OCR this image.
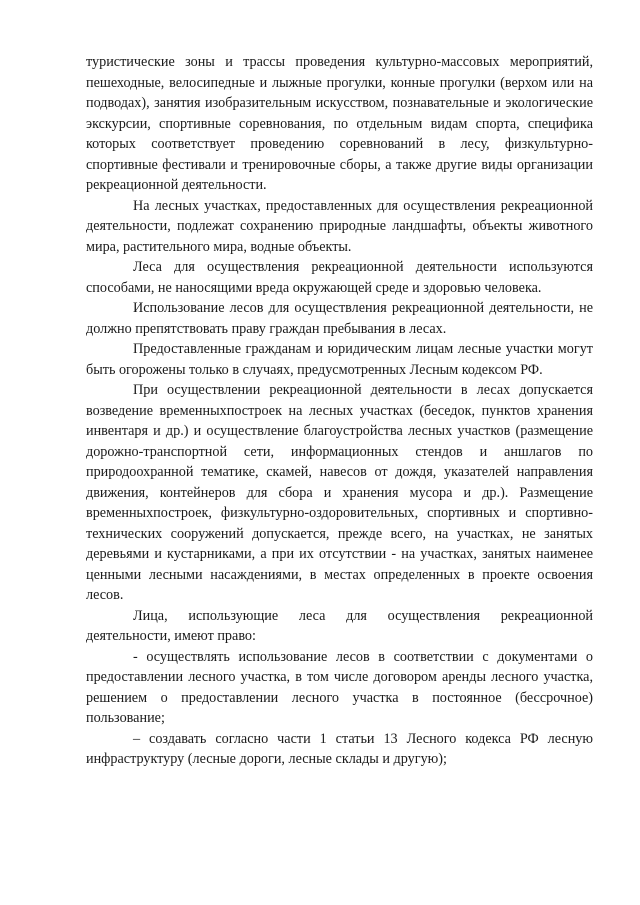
туристические зоны и трассы проведения культурно-массовых мероприятий, пешеходные, велосипедные и лыжные прогулки, конные прогулки (верхом или на подводах), занятия изобразительным искусством, познавательные и экологические экскурсии, спортивные соревнования, по отдельным видам спорта, специфика которых соответствует проведению соревнований в лесу, физкультурно-спортивные фестивали и тренировочные сборы, а также другие виды организации рекреационной деятельности.

На лесных участках, предоставленных для осуществления рекреационной деятельности, подлежат сохранению природные ландшафты, объекты животного мира, растительного мира, водные объекты.

Леса для осуществления рекреационной деятельности используются способами, не наносящими вреда окружающей среде и здоровью человека.

Использование лесов для осуществления рекреационной деятельности, не должно препятствовать праву граждан пребывания в лесах.

Предоставленные гражданам и юридическим лицам лесные участки могут быть огорожены только в случаях, предусмотренных Лесным кодексом РФ.

При осуществлении рекреационной деятельности в лесах допускается возведение временныхпостроек на лесных участках (беседок, пунктов хранения инвентаря и др.) и осуществление благоустройства лесных участков (размещение дорожно-транспортной сети, информационных стендов и аншлагов по природоохранной тематике, скамей, навесов от дождя, указателей направления движения, контейнеров для сбора и хранения мусора и др.). Размещение временныхпостроек, физкультурно-оздоровительных, спортивных и спортивно-технических сооружений допускается, прежде всего, на участках, не занятых деревьями и кустарниками, а при их отсутствии - на участках, занятых наименее ценными лесными насаждениями, в местах определенных в проекте освоения лесов.

Лица, использующие леса для осуществления рекреационной деятельности, имеют право:

- осуществлять использование лесов в соответствии с документами о предоставлении лесного участка, в том числе договором аренды лесного участка, решением о предоставлении лесного участка в постоянное (бессрочное) пользование;

– создавать согласно части 1 статьи 13 Лесного кодекса РФ лесную инфраструктуру (лесные дороги, лесные склады и другую);
